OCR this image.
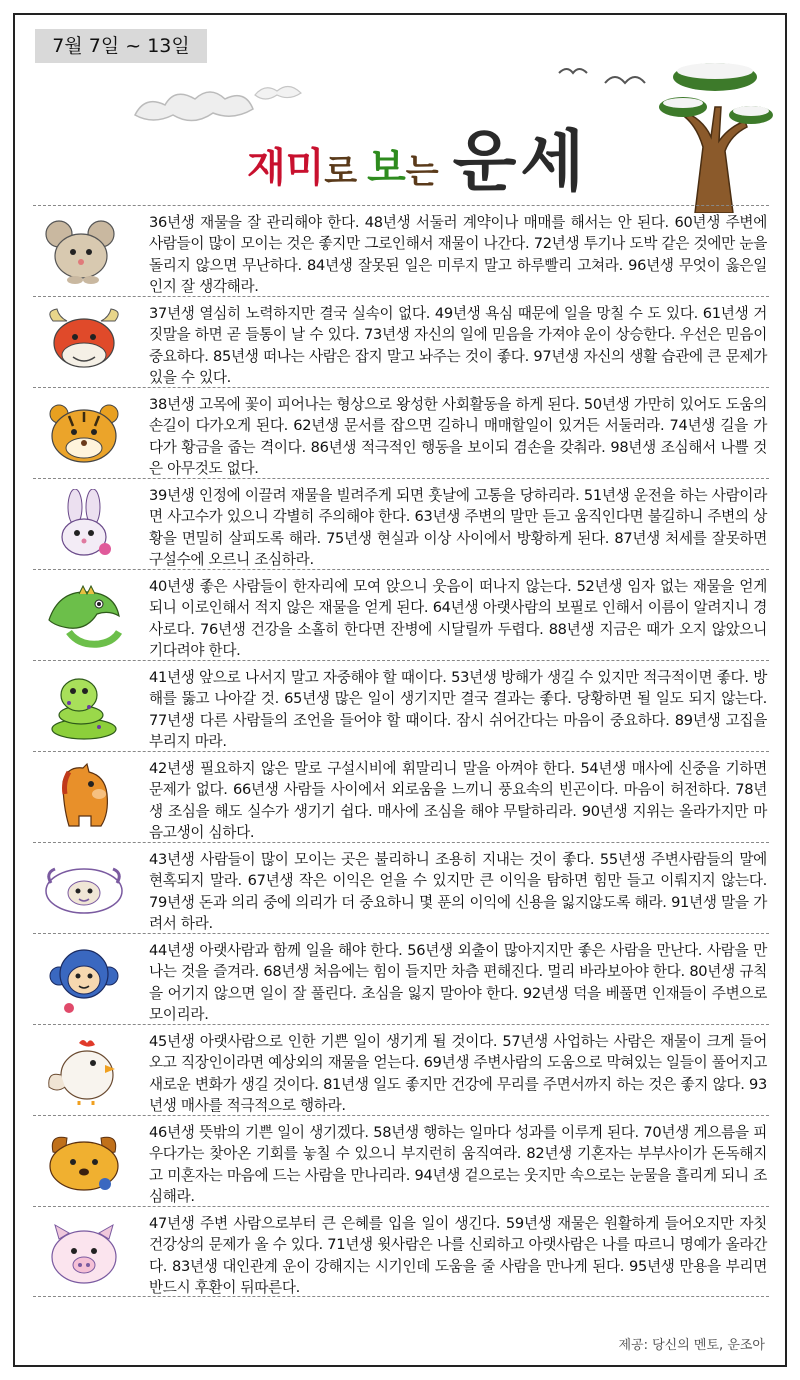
7월 7일 ~ 13일
재미 로 보 는 운세
36년생 재물을 잘 관리해야 한다. 48년생 서둘러 계약이나 매매를 해서는 안 된다. 60년생 주변에 사람들이 많이 모이는 것은 좋지만 그로인해서 재물이 나간다. 72년생 투기나 도박 같은 것에만 눈을 돌리지 않으면 무난하다. 84년생 잘못된 일은 미루지 말고 하루빨리 고쳐라. 96년생 무엇이 옳은일인지 잘 생각해라.
37년생 열심히 노력하지만 결국 실속이 없다. 49년생 욕심 때문에 일을 망칠 수 도 있다. 61년생 거짓말을 하면 곧 들통이 날 수 있다. 73년생 자신의 일에 믿음을 가져야 운이 상승한다. 우선은 믿음이 중요하다. 85년생 떠나는 사람은 잡지 말고 놔주는 것이 좋다. 97년생 자신의 생활 습관에 큰 문제가 있을 수 있다.
38년생 고목에 꽃이 피어나는 형상으로 왕성한 사회활동을 하게 된다. 50년생 가만히 있어도 도움의 손길이 다가오게 된다. 62년생 문서를 잡으면 길하니 매매할일이 있거든 서둘러라. 74년생 길을 가다가 황금을 줍는 격이다. 86년생 적극적인 행동을 보이되 겸손을 갖춰라. 98년생 조심해서 나쁠 것은 아무것도 없다.
39년생 인정에 이끌려 재물을 빌려주게 되면 훗날에 고통을 당하리라. 51년생 운전을 하는 사람이라면 사고수가 있으니 각별히 주의해야 한다. 63년생 주변의 말만 듣고 움직인다면 불길하니 주변의 상황을 면밀히 살피도록 해라. 75년생 현실과 이상 사이에서 방황하게 된다. 87년생 처세를 잘못하면 구설수에 오르니 조심하라.
40년생 좋은 사람들이 한자리에 모여 앉으니 웃음이 떠나지 않는다. 52년생 임자 없는 재물을 얻게 되니 이로인해서 적지 않은 재물을 얻게 된다. 64년생 아랫사람의 보필로 인해서 이름이 알려지니 경사로다. 76년생 건강을 소홀히 한다면 잔병에 시달릴까 두렵다. 88년생 지금은 때가 오지 않았으니 기다려야 한다.
41년생 앞으로 나서지 말고 자중해야 할 때이다. 53년생 방해가 생길 수 있지만 적극적이면 좋다. 방해를 뚫고 나아갈 것. 65년생 많은 일이 생기지만 결국 결과는 좋다. 당황하면 될 일도 되지 않는다. 77년생 다른 사람들의 조언을 들어야 할 때이다. 잠시 쉬어간다는 마음이 중요하다. 89년생 고집을 부리지 마라.
42년생 필요하지 않은 말로 구설시비에 휘말리니 말을 아껴야 한다. 54년생 매사에 신중을 기하면 문제가 없다. 66년생 사람들 사이에서 외로움을 느끼니 풍요속의 빈곤이다. 마음이 허전하다. 78년생 조심을 해도 실수가 생기기 쉽다. 매사에 조심을 해야 무탈하리라. 90년생 지위는 올라가지만 마음고생이 심하다.
43년생 사람들이 많이 모이는 곳은 불리하니 조용히 지내는 것이 좋다. 55년생 주변사람들의 말에 현혹되지 말라. 67년생 작은 이익은 얻을 수 있지만 큰 이익을 탐하면 힘만 들고 이뤄지지 않는다. 79년생 돈과 의리 중에 의리가 더 중요하니 몇 푼의 이익에 신용을 잃지않도록 해라. 91년생 말을 가려서 하라.
44년생 아랫사람과 함께 일을 해야 한다. 56년생 외출이 많아지지만 좋은 사람을 만난다. 사람을 만나는 것을 즐겨라. 68년생 처음에는 힘이 들지만 차츰 편해진다. 멀리 바라보아야 한다. 80년생 규칙을 어기지 않으면 일이 잘 풀린다. 초심을 잃지 말아야 한다. 92년생 덕을 베풀면 인재들이 주변으로 모이리라.
45년생 아랫사람으로 인한 기쁜 일이 생기게 될 것이다. 57년생 사업하는 사람은 재물이 크게 들어오고 직장인이라면 예상외의 재물을 얻는다. 69년생 주변사람의 도움으로 막혀있는 일들이 풀어지고 새로운 변화가 생길 것이다. 81년생 일도 좋지만 건강에 무리를 주면서까지 하는 것은 좋지 않다. 93년생 매사를 적극적으로 행하라.
46년생 뜻밖의 기쁜 일이 생기겠다. 58년생 행하는 일마다 성과를 이루게 된다. 70년생 게으름을 피우다가는 찾아온 기회를 놓칠 수 있으니 부지런히 움직여라. 82년생 기혼자는 부부사이가 돈독해지고 미혼자는 마음에 드는 사람을 만나리라. 94년생 겉으로는 웃지만 속으로는 눈물을 흘리게 되니 조심해라.
47년생 주변 사람으로부터 큰 은혜를 입을 일이 생긴다. 59년생 재물은 원활하게 들어오지만 자칫 건강상의 문제가 올 수 있다. 71년생 윗사람은 나를 신뢰하고 아랫사람은 나를 따르니 명예가 올라간다. 83년생 대인관계 운이 강해지는 시기인데 도움을 줄 사람을 만나게 된다. 95년생 만용을 부리면 반드시 후환이 뒤따른다.
제공: 당신의 멘토, 운조아
